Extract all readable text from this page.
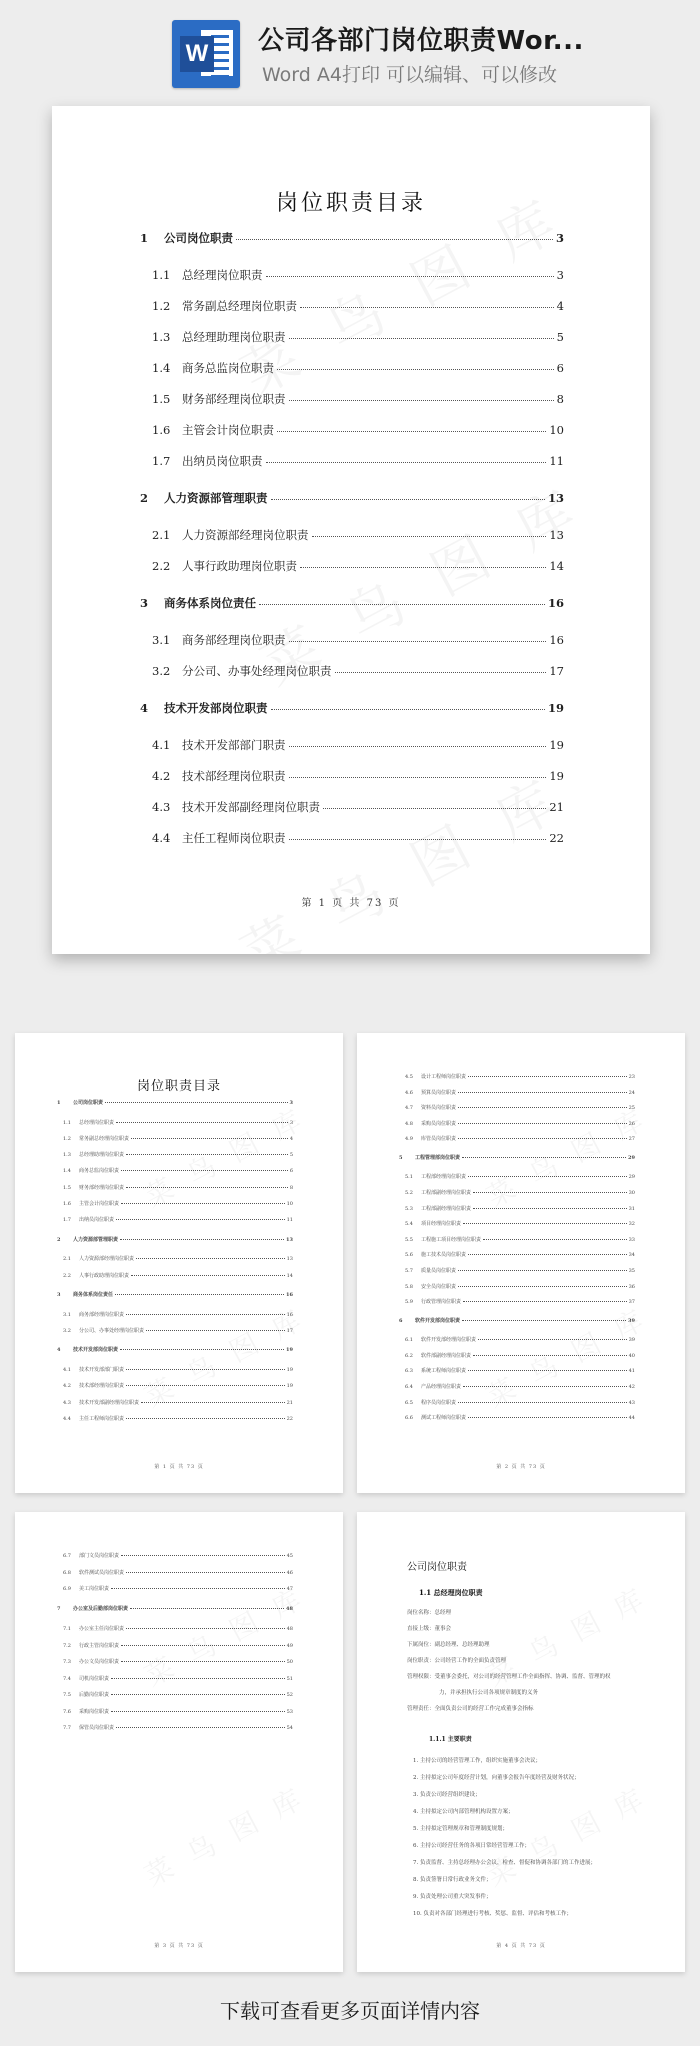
W 公司各部门岗位职责Wor...
Word A4打印 可以编辑、可以修改
岗位职责目录
第 1 页 共 73 页
1	公司岗位职责	3
1.1	总经理岗位职责	3
1.2	常务副总经理岗位职责	4
1.3	总经理助理岗位职责	5
1.4	商务总监岗位职责	6
1.5	财务部经理岗位职责	8
1.6	主管会计岗位职责	10
1.7	出纳员岗位职责	11
2	人力资源部管理职责	13
2.1	人力资源部经理岗位职责	13
2.2	人事行政助理岗位职责	14
3	商务体系岗位责任	16
3.1	商务部经理岗位职责	16
3.2	分公司、办事处经理岗位职责	17
4	技术开发部岗位职责	19
4.1	技术开发部部门职责	19
4.2	技术部经理岗位职责	19
4.3	技术开发部副经理岗位职责	21
4.4	主任工程师岗位职责	22
岗位职责目录
第 1 页 共 73 页
1	公司岗位职责	3
1.1	总经理岗位职责	3
1.2	常务副总经理岗位职责	4
1.3	总经理助理岗位职责	5
1.4	商务总监岗位职责	6
1.5	财务部经理岗位职责	8
1.6	主管会计岗位职责	10
1.7	出纳员岗位职责	11
2	人力资源部管理职责	13
2.1	人力资源部经理岗位职责	13
2.2	人事行政助理岗位职责	14
3	商务体系岗位责任	16
3.1	商务部经理岗位职责	16
3.2	分公司、办事处经理岗位职责	17
4	技术开发部岗位职责	19
4.1	技术开发部部门职责	19
4.2	技术部经理岗位职责	19
4.3	技术开发部副经理岗位职责	21
4.4	主任工程师岗位职责	22
第 2 页 共 73 页
4.5	设计工程师岗位职责	23
4.6	预算员岗位职责	24
4.7	资料员岗位职责	25
4.8	采购员岗位职责	26
4.9	库管员岗位职责	27
5	工程管理部岗位职责	29
5.1	工程部经理岗位职责	29
5.2	工程部副经理岗位职责	30
5.3	工程部副经理岗位职责	31
5.4	项目经理岗位职责	32
5.5	工程施工项目经理岗位职责	33
5.6	施工技术员岗位职责	34
5.7	质量员岗位职责	35
5.8	安全员岗位职责	36
5.9	行政管理岗位职责	37
6	软件开发部岗位职责	39
6.1	软件开发部经理岗位职责	39
6.2	软件部副经理岗位职责	40
6.3	系统工程师岗位职责	41
6.4	产品经理岗位职责	42
6.5	程序员岗位职责	43
6.6	测试工程师岗位职责	44
第 3 页 共 73 页
6.7	部门文员岗位职责	45
6.8	软件测试员岗位职责	46
6.9	美工岗位职责	47
7	办公室及后勤部岗位职责	48
7.1	办公室主任岗位职责	48
7.2	行政主管岗位职责	49
7.3	办公文员岗位职责	50
7.4	司机岗位职责	51
7.5	后勤岗位职责	52
7.6	采购岗位职责	53
7.7	保管员岗位职责	54
公司岗位职责
1.1 总经理岗位职责
1.1.1 主要职责
第 4 页 共 73 页
岗位名称：总经理
直接上级：董事会
下属岗位：副总经理、总经理助理
岗位职责：公司经营工作的全面负责管理
管理权限：受董事会委托，对公司的经营管理工作全面指挥、协调、监督、管理的权
力，并承担执行公司各项规章制度的义务
管理责任：全面负责公司的经营工作完成董事会指标
1. 主持公司的经营管理工作，组织实施董事会决议；
2. 主持拟定公司年度经营计划，向董事会报告年度经营及财务状况；
3. 负责公司经营组织建设；
4. 主持拟定公司内部管理机构设置方案；
5. 主持拟定管理规章和管理制度规划；
6. 主持公司经营任务的各项日常经营管理工作；
7. 负责监督、主持总经理办公会议，检查、督促和协调各部门的工作进展；
8. 负责签署日常行政业务文件；
9. 负责处理公司重大突发事件；
10. 负责对各部门经理进行考核、奖惩、监督、评估和考核工作；
下载可查看更多页面详情内容
